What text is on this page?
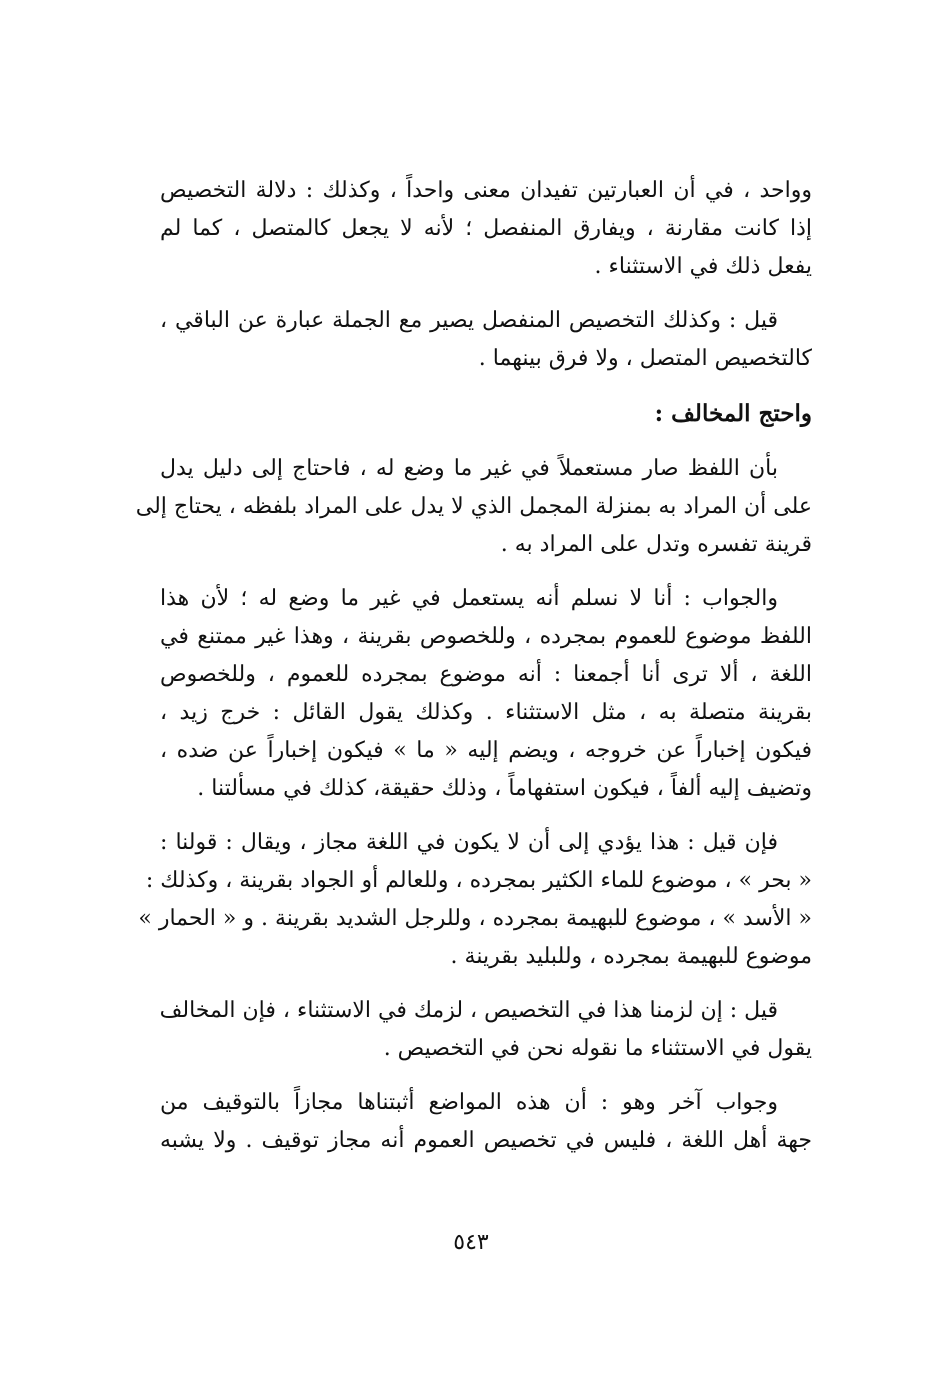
وواحد ، في أن العبارتين تفيدان معنى واحداً ، وكذلك : دلالة التخصيص
إذا كانت مقارنة ، ويفارق المنفصل ؛ لأنه لا يجعل كالمتصل ، كما لم
يفعل ذلك في الاستثناء .
قيل : وكذلك التخصيص المنفصل يصير مع الجملة عبارة عن الباقي ،
كالتخصيص المتصل ، ولا فرق بينهما .
واحتج المخالف :
بأن اللفظ صار مستعملاً في غير ما وضع له ، فاحتاج إلى دليل يدل
على أن المراد به بمنزلة المجمل الذي لا يدل على المراد بلفظه ، يحتاج إلى
قرينة تفسره وتدل على المراد به .
والجواب : أنا لا نسلم أنه يستعمل في غير ما وضع له ؛ لأن هذا
اللفظ موضوع للعموم بمجرده ، وللخصوص بقرينة ، وهذا غير ممتنع في
اللغة ، ألا ترى أنا أجمعنا : أنه موضوع بمجرده للعموم ، وللخصوص
بقرينة متصلة به ، مثل الاستثناء . وكذلك يقول القائل : خرج زيد ،
فيكون إخباراً عن خروجه ، ويضم إليه « ما » فيكون إخباراً عن ضده ،
وتضيف إليه ألفاً ، فيكون استفهاماً ، وذلك حقيقة، كذلك في مسألتنا .
فإن قيل : هذا يؤدي إلى أن لا يكون في اللغة مجاز ، ويقال : قولنا :
« بحر » ، موضوع للماء الكثير بمجرده ، وللعالم أو الجواد بقرينة ، وكذلك :
« الأسد » ، موضوع للبهيمة بمجرده ، وللرجل الشديد بقرينة . و « الحمار »
موضوع للبهيمة بمجرده ، وللبليد بقرينة .
قيل : إن لزمنا هذا في التخصيص ، لزمك في الاستثناء ، فإن المخالف
يقول في الاستثناء ما نقوله نحن في التخصيص .
وجواب آخر وهو : أن هذه المواضع أثبتناها مجازاً بالتوقيف من
جهة أهل اللغة ، فليس في تخصيص العموم أنه مجاز توقيف . ولا يشبه
٥٤٣
